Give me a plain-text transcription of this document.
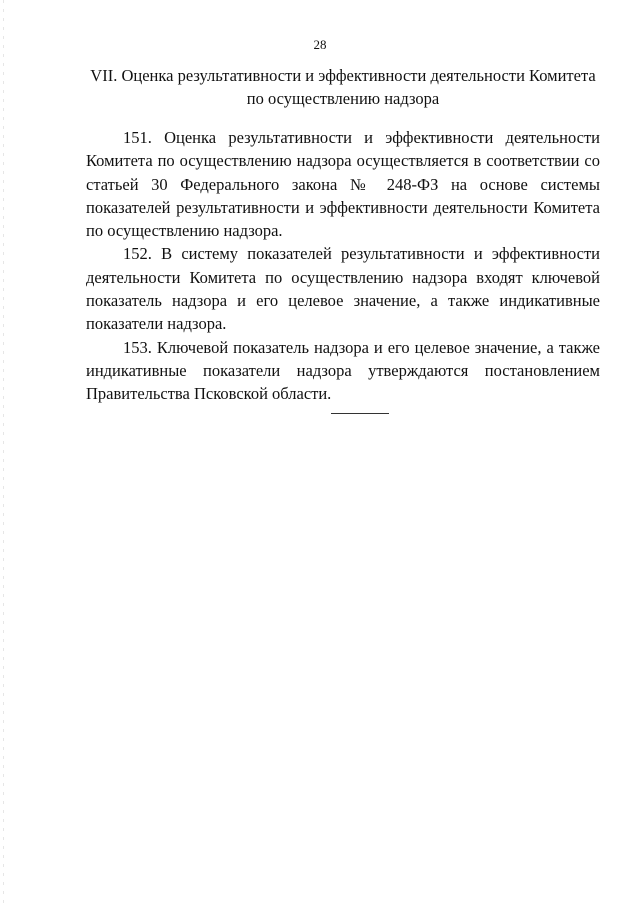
28
VII. Оценка результативности и эффективности деятельности Комитета
по осуществлению надзора

151. Оценка результативности и эффективности деятельности Комитета по осуществлению надзора осуществляется в соответствии со статьей 30 Федерального закона № 248-ФЗ на основе системы показателей результативности и эффективности деятельности Комитета по осуществлению надзора.

152. В систему показателей результативности и эффективности деятельности Комитета по осуществлению надзора входят ключевой показатель надзора и его целевое значение, а также индикативные показатели надзора.

153. Ключевой показатель надзора и его целевое значение, а также индикативные показатели надзора утверждаются постановлением Правительства Псковской области.
